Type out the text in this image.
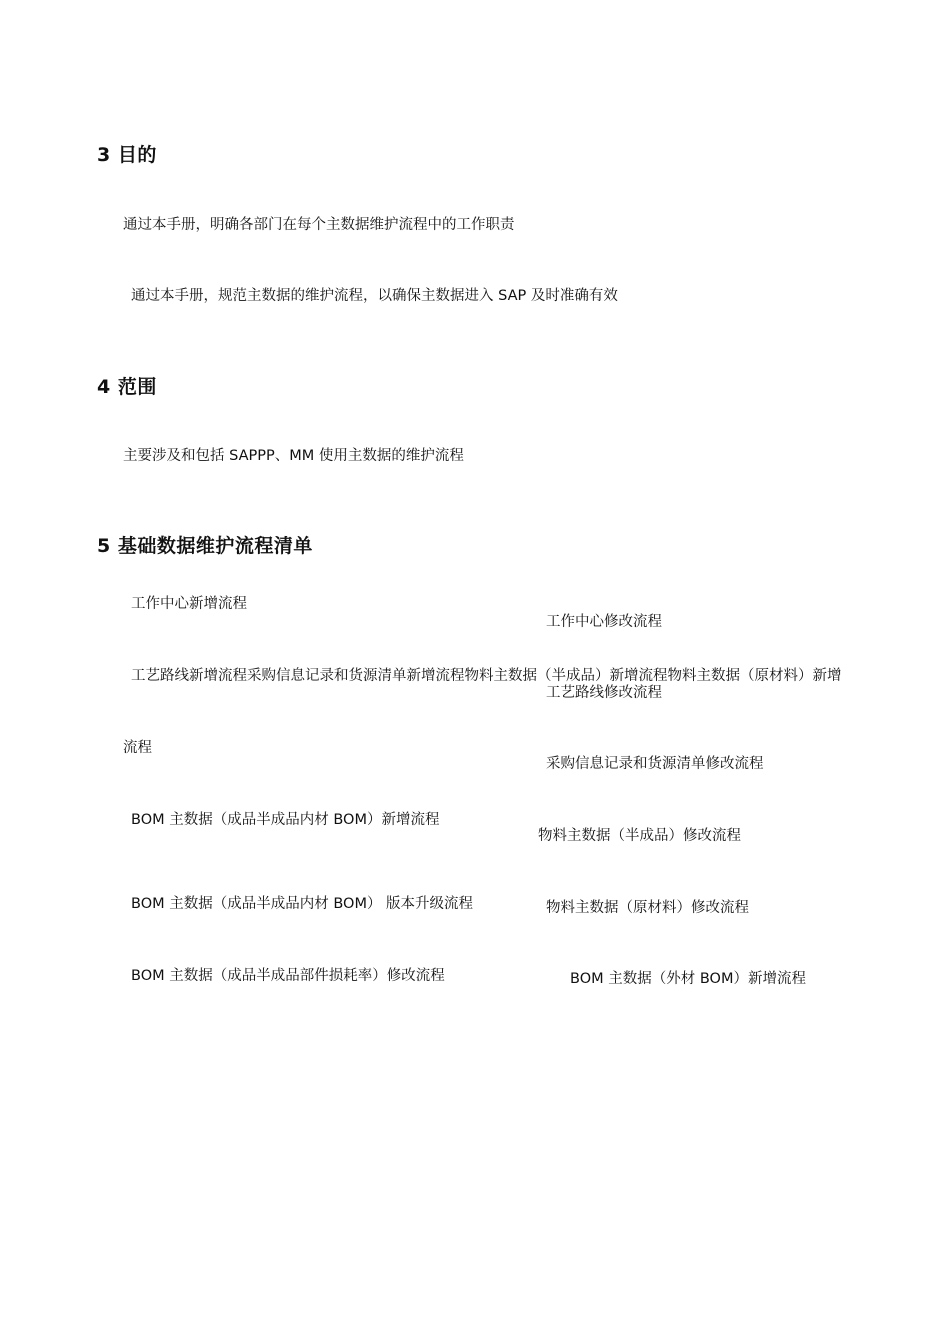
3 目的
通过本手册，明确各部门在每个主数据维护流程中的工作职责
通过本手册，规范主数据的维护流程，以确保主数据进入 SAP 及时准确有效
4 范围
主要涉及和包括 SAPPP、MM 使用主数据的维护流程
5 基础数据维护流程清单
工作中心新增流程
工艺路线新增流程采购信息记录和货源清单新增流程物料主数据（半成品）新增流程物料主数据（原材料）新增
流程
BOM 主数据（成品半成品内材 BOM）新增流程
BOM 主数据（成品半成品内材 BOM） 版本升级流程
BOM 主数据（成品半成品部件损耗率）修改流程
工作中心修改流程
工艺路线修改流程
采购信息记录和货源清单修改流程
物料主数据（半成品）修改流程
物料主数据（原材料）修改流程
BOM 主数据（外材 BOM）新增流程
